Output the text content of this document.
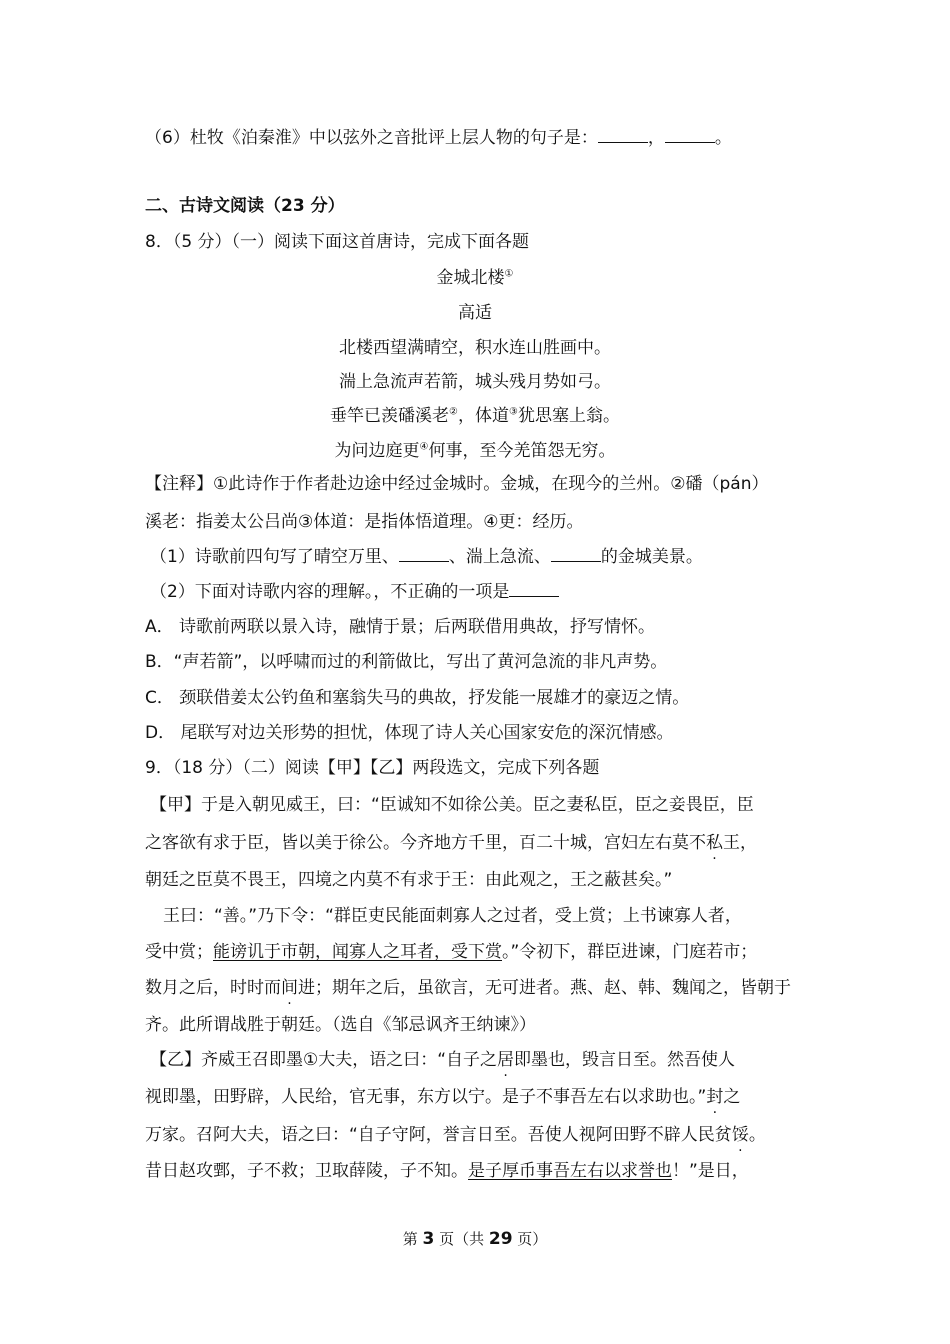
（6）杜牧《泊秦淮》中以弦外之音批评上层人物的句子是：	，	。
二、古诗文阅读（23 分）
8．（5 分）（一）阅读下面这首唐诗，完成下面各题
金城北楼①
高适
北楼西望满晴空，积水连山胜画中。
湍上急流声若箭，城头残月势如弓。
垂竿已羡磻溪老②，体道③犹思塞上翁。
为问边庭更④何事，至今羌笛怨无穷。
【注释】①此诗作于作者赴边途中经过金城时。金城，在现今的兰州。②磻（pán）
溪老：指姜太公吕尚③体道：是指体悟道理。④更：经历。
（1）诗歌前四句写了晴空万里、	、湍上急流、	的金城美景。
（2）下面对诗歌内容的理解。，不正确的一项是
A． 诗歌前两联以景入诗，融情于景；后两联借用典故，抒写情怀。
B．“声若箭”，以呼啸而过的利箭做比，写出了黄河急流的非凡声势。
C． 颈联借姜太公钓鱼和塞翁失马的典故，抒发能一展雄才的豪迈之情。
D． 尾联写对边关形势的担忧，体现了诗人关心国家安危的深沉情感。
9．（18 分）（二）阅读【甲】【乙】两段选文，完成下列各题
【甲】于是入朝见威王，曰：“臣诚知不如徐公美。臣之妻私臣，臣之妾畏臣，臣
之客欲有求于臣，皆以美于徐公。今齐地方千里，百二十城，宫妇左右莫不私王，
朝廷之臣莫不畏王，四境之内莫不有求于王：由此观之，王之蔽甚矣。”
王曰：“善。”乃下令：“群臣吏民能面刺寡人之过者，受上赏；上书谏寡人者，
受中赏；能谤讥于市朝，闻寡人之耳者，受下赏。”令初下，群臣进谏，门庭若市；
数月之后，时时而间进；期年之后，虽欲言，无可进者。燕、赵、韩、魏闻之，皆朝于
齐。此所谓战胜于朝廷。（选自《邹忌讽齐王纳谏》）
【乙】齐威王召即墨①大夫，语之曰：“自子之居即墨也，毁言日至。然吾使人
视即墨，田野辟，人民给，官无事，东方以宁。是子不事吾左右以求助也。”封之
万家。召阿大夫，语之曰：“自子守阿，誉言日至。吾使人视阿田野不辟人民贫馁。
昔日赵攻鄄，子不救；卫取薛陵，子不知。是子厚币事吾左右以求誉也！”是日，
第 3 页（共 29 页）
